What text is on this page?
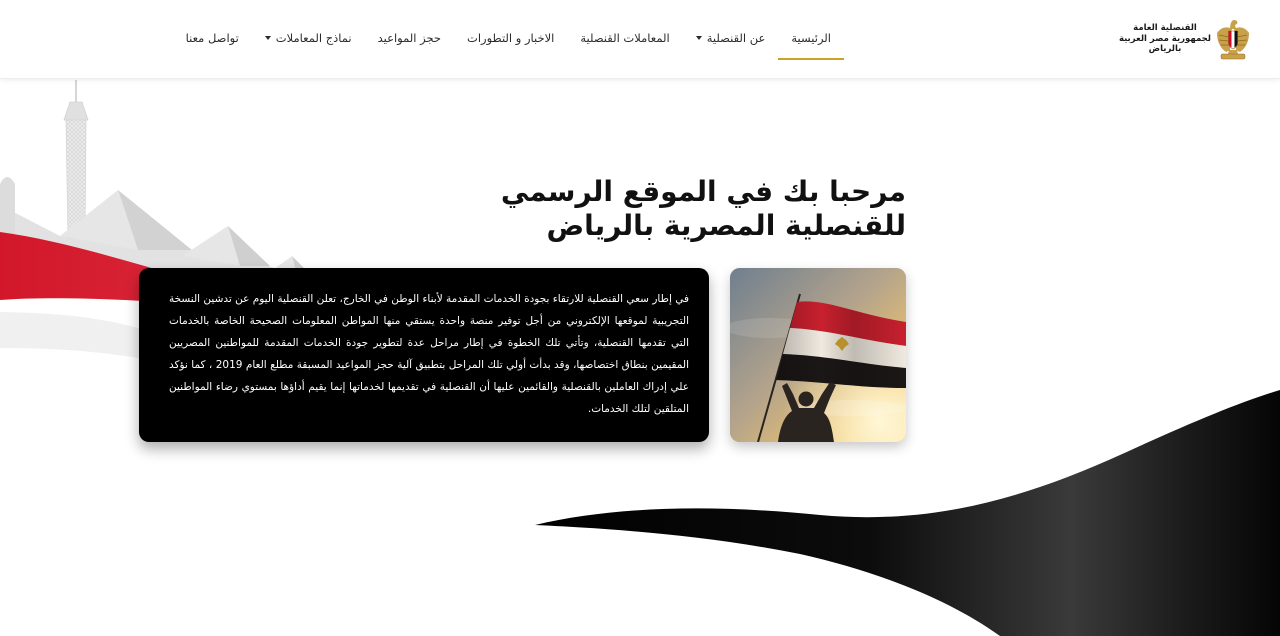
القنصلية العامة
لجمهورية مصر العربية
بالرياض
الرئيسية
عن القنصلية
المعاملات القنصلية
الاخبار و التطورات
حجز المواعيد
نماذج المعاملات
تواصل معنا
مرحبا بك في الموقع الرسمي
للقنصلية المصرية بالرياض

في إطار سعي القنصلية للارتقاء بجودة الخدمات المقدمة لأبناء الوطن في الخارج، تعلن القنصلية اليوم عن تدشين النسخة التجريبية لموقعها الإلكتروني من أجل توفير منصة واحدة يستقي منها المواطن المعلومات الصحيحة الخاصة بالخدمات التي تقدمها القنصلية، وتأتي تلك الخطوة في إطار مراحل عدة لتطوير جودة الخدمات المقدمة للمواطنين المصريين المقيمين بنطاق اختصاصها، وقد بدأت أولي تلك المراحل بتطبيق آلية حجز المواعيد المسبقة مطلع العام 2019 ، كما نؤكد علي إدراك العاملين بالقنصلية والقائمين عليها أن القنصلية في تقديمها لخدماتها إنما يقيم أداؤها بمستوي رضاء المواطنين المتلقين لتلك الخدمات.
